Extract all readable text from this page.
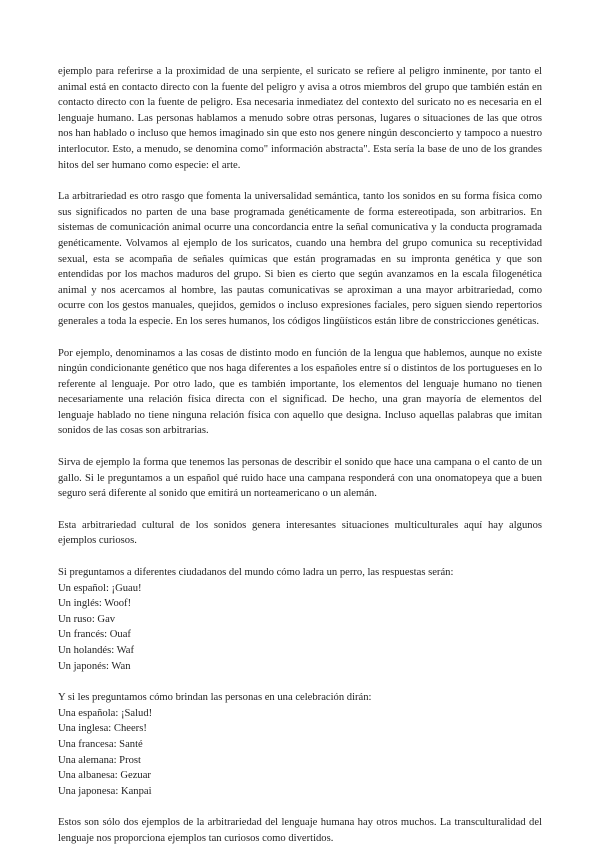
ejemplo para referirse a la proximidad de una serpiente, el suricato se refiere al peligro inminente, por tanto el animal está en contacto directo con la fuente del peligro y avisa a otros miembros del grupo que también están en contacto directo con la fuente de peligro. Esa necesaria inmediatez del contexto del suricato no es necesaria en el lenguaje humano. Las personas hablamos a menudo sobre otras personas, lugares o situaciones de las que otros nos han hablado o incluso que hemos imaginado sin que esto nos genere ningún desconcierto y tampoco a nuestro interlocutor. Esto, a menudo, se denomina como" información abstracta". Esta sería la base de uno de los grandes hitos del ser humano como especie: el arte.

La arbitrariedad es otro rasgo que fomenta la universalidad semántica, tanto los sonidos en su forma física como sus significados no parten de una base programada genéticamente de forma estereotipada, son arbitrarios. En sistemas de comunicación animal ocurre una concordancia entre la señal comunicativa y la conducta programada genéticamente. Volvamos al ejemplo de los suricatos, cuando una hembra del grupo comunica su receptividad sexual, esta se acompaña de señales químicas que están programadas en su impronta genética y que son entendidas por los machos maduros del grupo. Si bien es cierto que según avanzamos en la escala filogenética animal y nos acercamos al hombre, las pautas comunicativas se aproximan a una mayor arbitrariedad, como ocurre con los gestos manuales, quejidos, gemidos o incluso expresiones faciales, pero siguen siendo repertorios generales a toda la especie. En los seres humanos, los códigos lingüísticos están libre de constricciones genéticas.

Por ejemplo, denominamos a las cosas de distinto modo en función de la lengua que hablemos, aunque no existe ningún condicionante genético que nos haga diferentes a los españoles entre sí o distintos de los portugueses en lo referente al lenguaje. Por otro lado, que es también importante, los elementos del lenguaje humano no tienen necesariamente una relación física directa con el significad. De hecho, una gran mayoría de elementos del lenguaje hablado no tiene ninguna relación física con aquello que designa. Incluso aquellas palabras que imitan sonidos de las cosas son arbitrarias.

Sirva de ejemplo la forma que tenemos las personas de describir el sonido que hace una campana o el canto de un gallo. Si le preguntamos a un español qué ruido hace una campana responderá con una onomatopeya que a buen seguro será diferente al sonido que emitirá un norteamericano o un alemán.

Esta arbitrariedad cultural de los sonidos genera interesantes situaciones multiculturales aquí hay algunos ejemplos curiosos.

Si preguntamos a diferentes ciudadanos del mundo cómo ladra un perro, las respuestas serán:

Un español: ¡Guau!
Un inglés: Woof!
Un ruso: Gav
Un francés: Ouaf
Un holandés: Waf
Un japonés: Wan

Y si les preguntamos cómo brindan las personas en una celebración dirán:

Una española: ¡Salud!
Una inglesa: Cheers!
Una francesa: Santé
Una alemana: Prost
Una albanesa: Gezuar
Una japonesa: Kanpai

Estos son sólo dos ejemplos de la arbitrariedad del lenguaje humana hay otros muchos. La transculturalidad del lenguaje nos proporciona ejemplos tan curiosos como divertidos.
